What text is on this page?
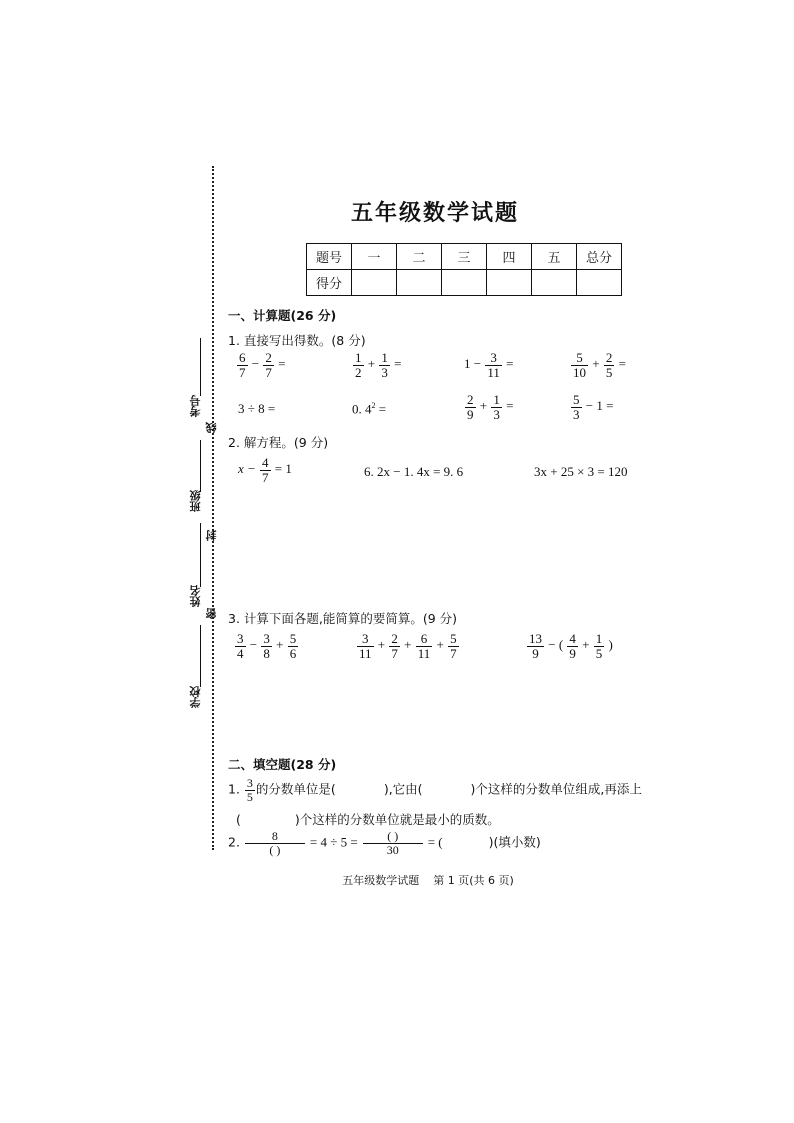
考号
线
班级
封
姓名
密
学校
五年级数学试题
题号	一	二	三	四	五	总分
得分						
一、计算题(26 分)
1. 直接写出得数。(8 分)
$\frac{6}{7} - \frac{2}{7}$ =	$\frac{1}{2} + \frac{1}{3}$ =	$1 - \frac{3}{11}$ =	$\frac{5}{10} + \frac{2}{5}$ =
3 ÷ 8 =	0. $4^2$ =	$\frac{2}{9} + \frac{1}{3}$ =	$\frac{5}{3} - 1$ =
2. 解方程。(9 分)
$x - \frac{4}{7} = 1$	6. 2x − 1. 4x = 9. 6	3x + 25 × 3 = 120
3. 计算下面各题,能简算的要简算。(9 分)
$\frac{3}{4} - \frac{3}{8} + \frac{5}{6}$	$\frac{3}{11} + \frac{2}{7} + \frac{6}{11} + \frac{5}{7}$	$\frac{13}{9}$ − ( $\frac{4}{9} + \frac{1}{5}$ )
二、填空题(28 分)
1. $\frac{3}{5}$ 的分数单位是(	),它由(	)个这样的分数单位组成,再添上
(	)个这样的分数单位就是最小的质数。
2. $\frac{8}{( )} = 4 \div 5 = \frac{( )}{30}$ = (	)(填小数)
五年级数学试题    第 1 页(共 6 页)
